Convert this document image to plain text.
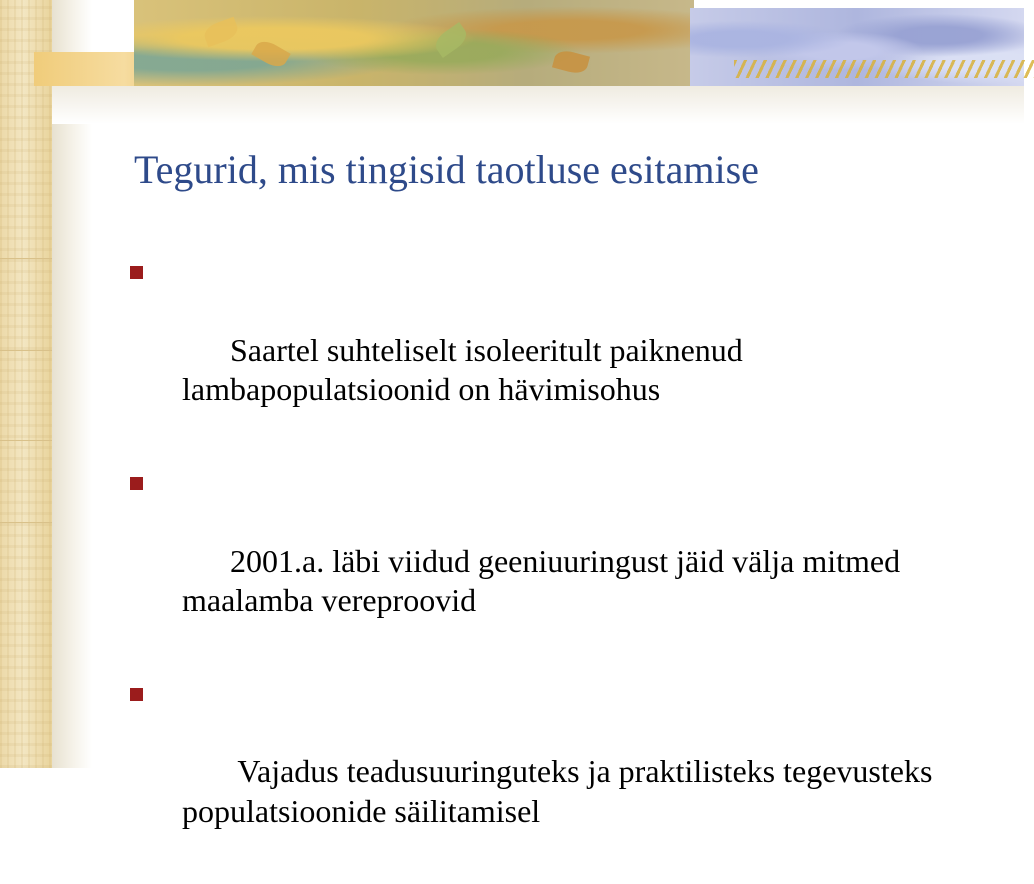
Tegurid, mis tingisid taotluse esitamise

Saartel suhteliselt isoleeritult paiknenud lambapopulatsioonid on hävimisohus

2001.a. läbi viidud geeniuuringust jäid välja mitmed maalamba vereproovid

Vajadus teadusuuringuteks ja praktilisteks tegevusteks populatsioonide säilitamisel
